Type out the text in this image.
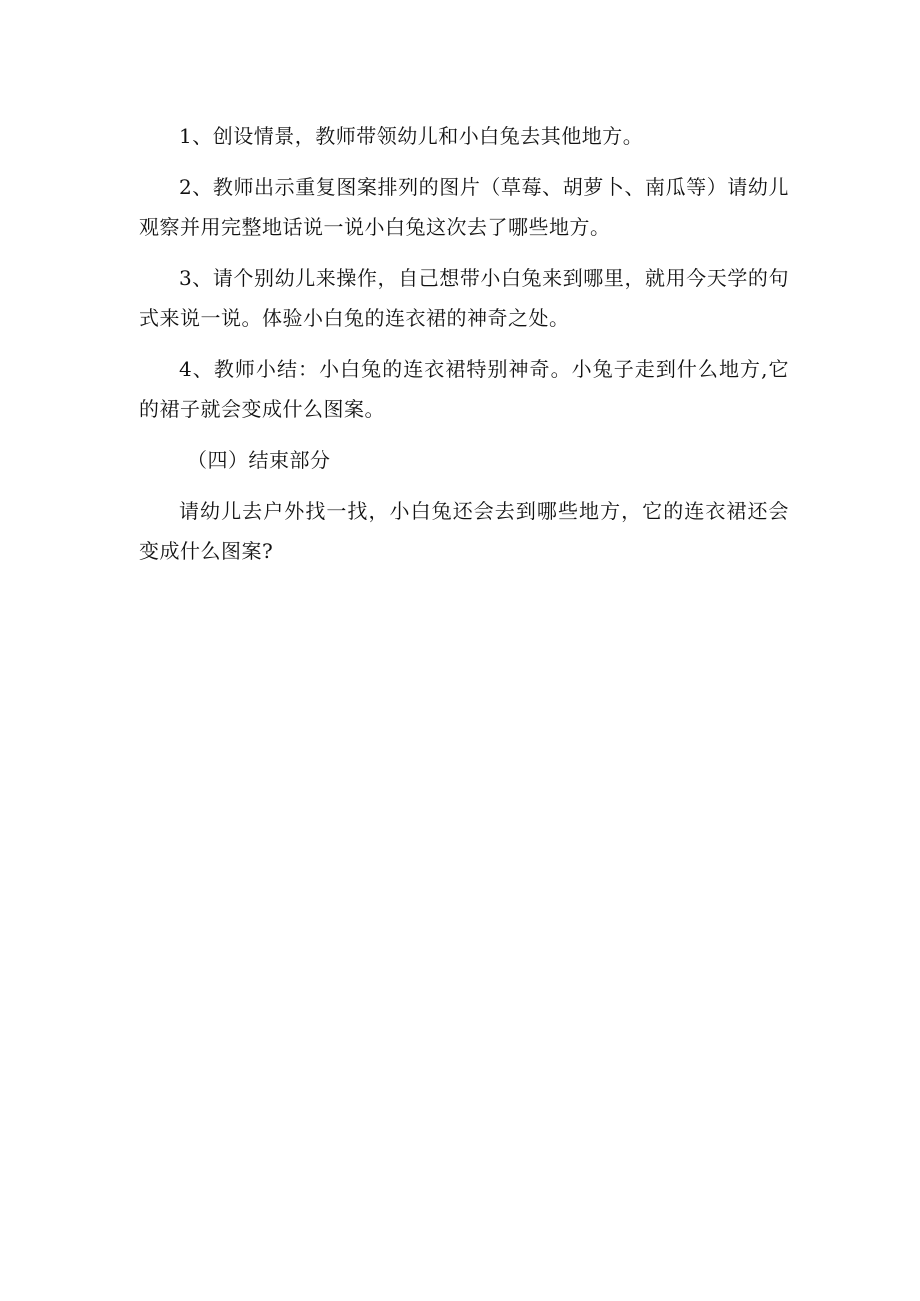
1、创设情景，教师带领幼儿和小白兔去其他地方。

2、教师出示重复图案排列的图片（草莓、胡萝卜、南瓜等）请幼儿观察并用完整地话说一说小白兔这次去了哪些地方。

3、请个别幼儿来操作，自己想带小白兔来到哪里，就用今天学的句式来说一说。体验小白兔的连衣裙的神奇之处。

4、教师小结：小白兔的连衣裙特别神奇。小兔子走到什么地方,它的裙子就会变成什么图案。

（四）结束部分

请幼儿去户外找一找，小白兔还会去到哪些地方，它的连衣裙还会变成什么图案?
